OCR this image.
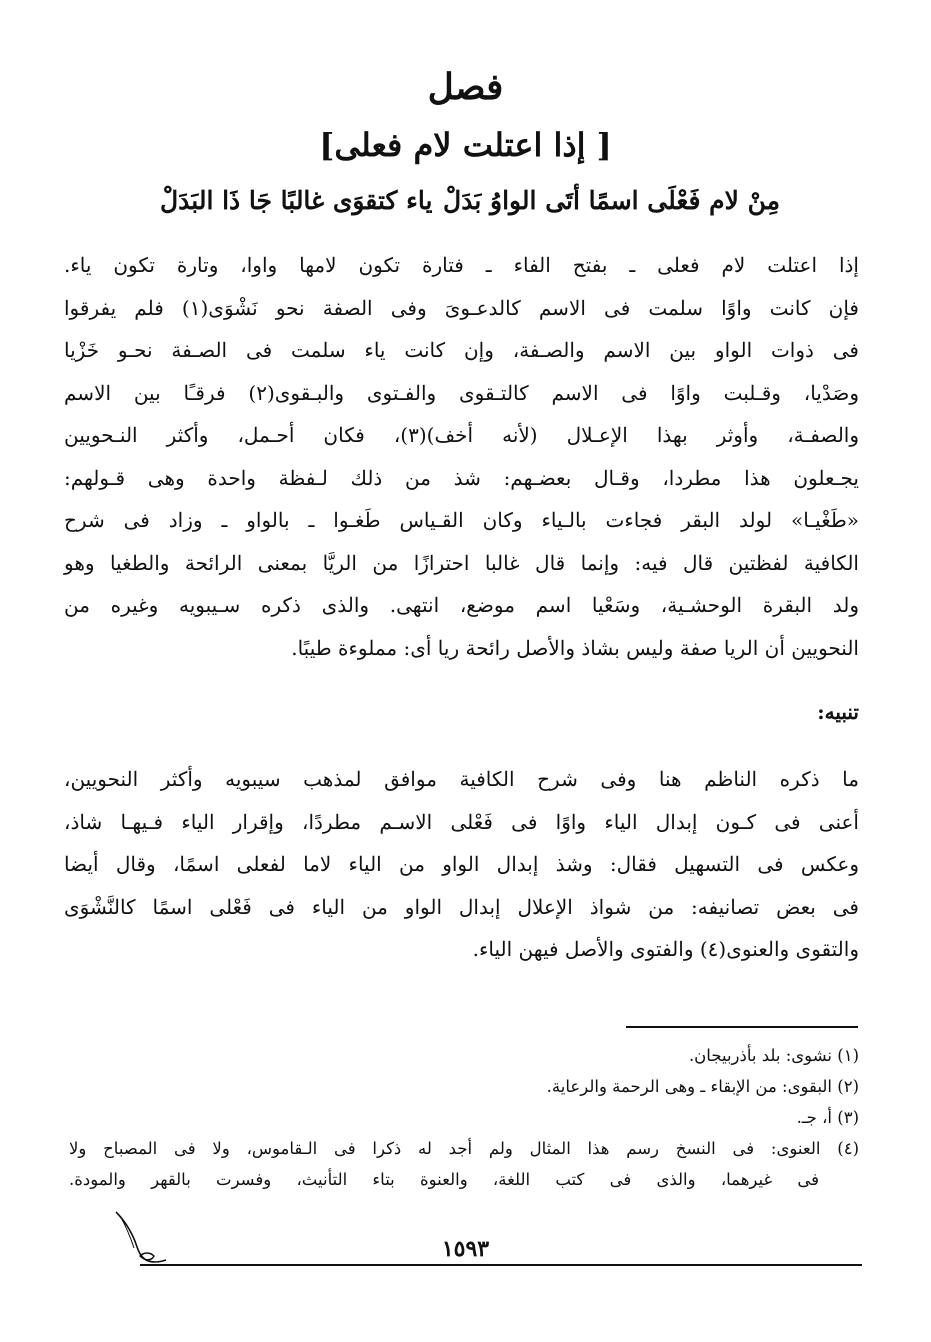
فصل
[ إذا اعتلت لام فعلى]
مِنْ لام فَعْلَى اسمًا أتَى الواوُ بَدَلْ
ياء كتقوَى غالبًا جَا ذَا البَدَلْ
إذا اعتلت لام فعلى ـ بفتح الفاء ـ فتارة تكون لامها واوا، وتارة تكون ياء.
فإن كانت واوًا سلمت فى الاسم كالدعـوىَ وفى الصفة نحو نَشْوَى(١) فلم يفرقوا
فى ذوات الواو بين الاسم والصـفة، وإن كانت ياء سلمت فى الصـفة نحـو خَزْيا
وصَدْيا، وقـلبت واوًا فى الاسم كالتـقوى والفـتوى والبـقوى(٢) فرقـًا بين الاسم
والصفـة، وأوثر بهذا الإعـلال (لأنه أخف)(٣)، فكان أحـمل، وأكثر النـحويين
يجـعلون هذا مطردا، وقـال بعضـهم: شذ من ذلك لـفظة واحدة وهى قـولهم:
«طَغْيـا» لولد البقر فجاءت بالـياء وكان القـياس طَغـوا ـ بالواو ـ وزاد فى شرح
الكافية لفظتين قال فيه: وإنما قال غالبا احترازًا من الريَّا بمعنى الرائحة والطغيا وهو
ولد البقرة الوحشـية، وسَعْيا اسم موضع، انتهى. والذى ذكره سـيبويه وغيره من
النحويين أن الريا صفة وليس بشاذ والأصل رائحة ريا أى: مملوءة طيبًا.
تنبيه:
ما ذكره الناظم هنا وفى شرح الكافية موافق لمذهب سيبويه وأكثر النحويين،
أعنى فى كـون إبدال الياء واوًا فى فَعْلى الاسـم مطردًا، وإقرار الياء فـيهـا شاذ،
وعكس فى التسهيل فقال: وشذ إبدال الواو من الياء لاما لفعلى اسمًا، وقال أيضا
فى بعض تصانيفه: من شواذ الإعلال إبدال الواو من الياء فى فَعْلى اسمًا كالنَّشْوَى
والتقوى والعنوى(٤) والفتوى والأصل فيهن الياء.
(١) نشوى: بلد بأذربيجان.
(٢) البقوى: من الإبقاء ـ وهى الرحمة والرعاية.
(٣) أ، جـ.
(٤) العنوى: فى النسخ رسم هذا المثال ولم أجد له ذكرا فى الـقاموس، ولا فى المصباح ولا
فى غيرهما، والذى فى كتب اللغة، والعنوة بتاء التأنيث، وفسرت بالقهر والمودة.
١٥٩٣
